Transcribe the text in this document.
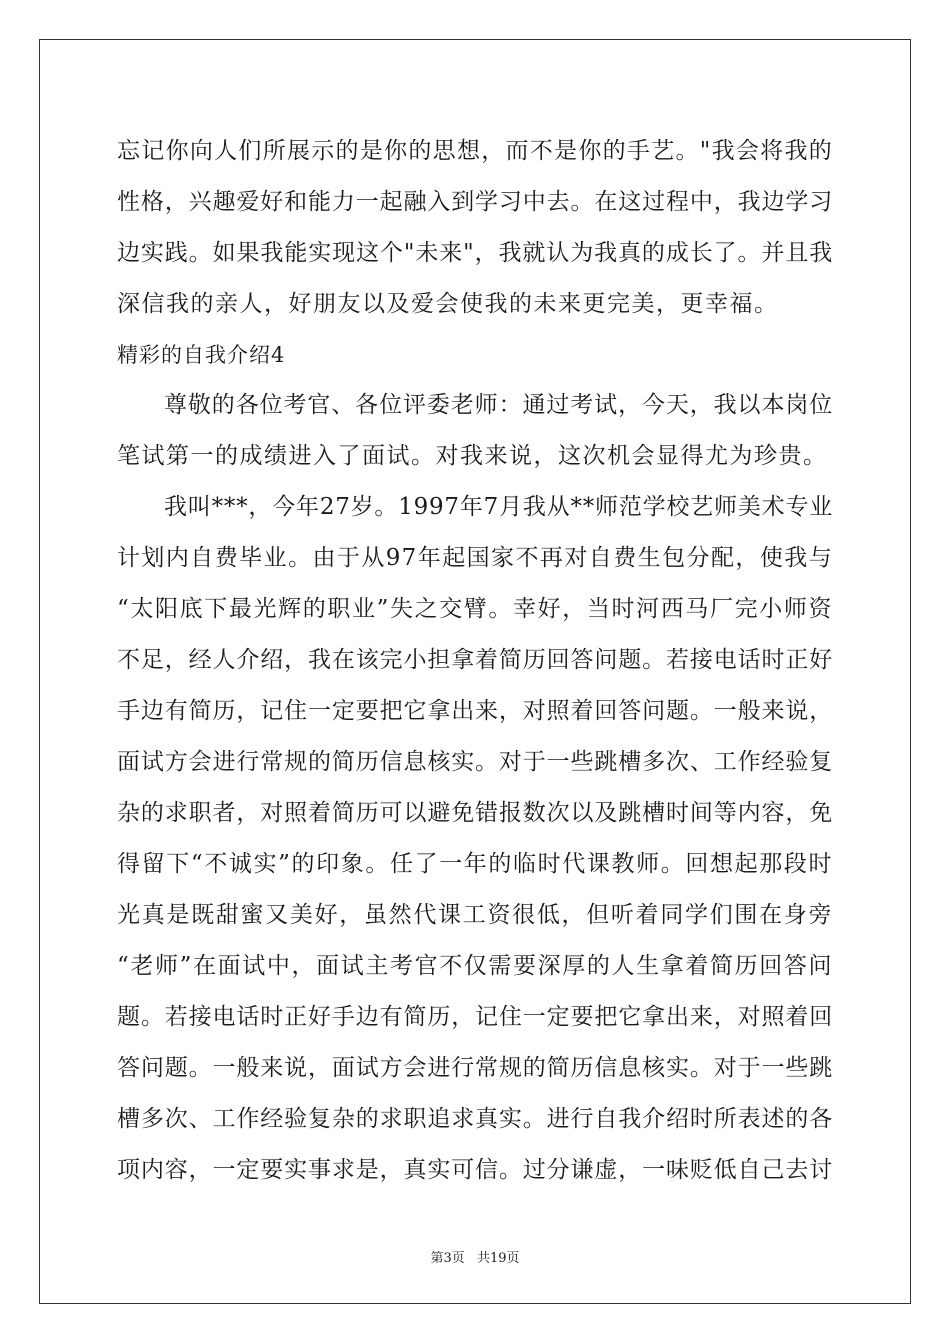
忘记你向人们所展示的是你的思想，而不是你的手艺。"我会将我的
性格，兴趣爱好和能力一起融入到学习中去。在这过程中，我边学习
边实践。如果我能实现这个"未来"，我就认为我真的成长了。并且我
深信我的亲人，好朋友以及爱会使我的未来更完美，更幸福。
精彩的自我介绍4
尊敬的各位考官、各位评委老师：通过考试，今天，我以本岗位
笔试第一的成绩进入了面试。对我来说，这次机会显得尤为珍贵。
我叫***，今年27岁。1997年7月我从**师范学校艺师美术专业
计划内自费毕业。由于从97年起国家不再对自费生包分配，使我与
“太阳底下最光辉的职业”失之交臂。幸好，当时河西马厂完小师资
不足，经人介绍，我在该完小担拿着简历回答问题。若接电话时正好
手边有简历，记住一定要把它拿出来，对照着回答问题。一般来说，
面试方会进行常规的简历信息核实。对于一些跳槽多次、工作经验复
杂的求职者，对照着简历可以避免错报数次以及跳槽时间等内容，免
得留下“不诚实”的印象。任了一年的临时代课教师。回想起那段时
光真是既甜蜜又美好，虽然代课工资很低，但听着同学们围在身旁
“老师”在面试中，面试主考官不仅需要深厚的人生拿着简历回答问
题。若接电话时正好手边有简历，记住一定要把它拿出来，对照着回
答问题。一般来说，面试方会进行常规的简历信息核实。对于一些跳
槽多次、工作经验复杂的求职追求真实。进行自我介绍时所表述的各
项内容，一定要实事求是，真实可信。过分谦虚，一味贬低自己去讨
第3页 共19页
